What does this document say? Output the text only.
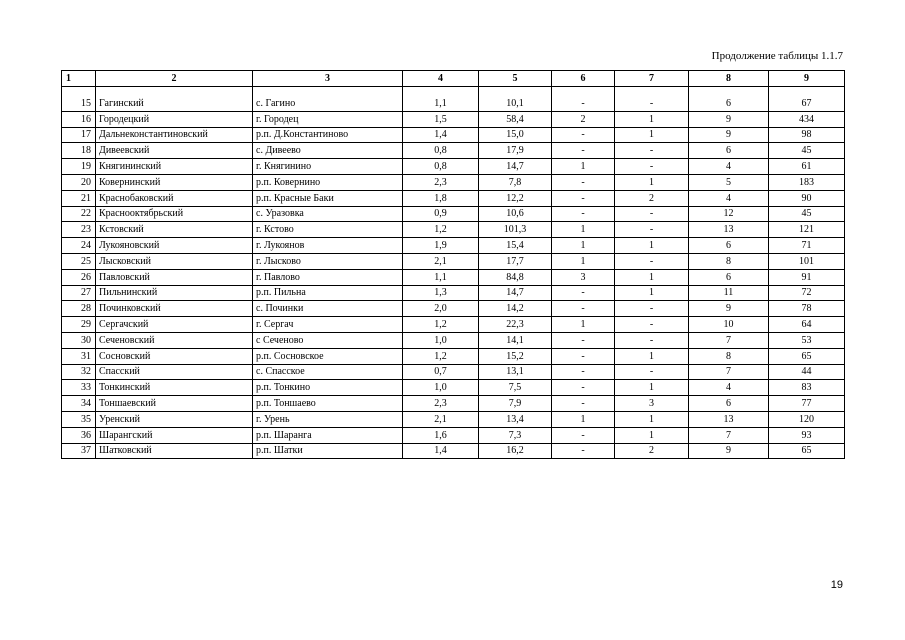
Продолжение таблицы 1.1.7
1	2	3	4	5	6	7	8	9

15	Гагинский	с. Гагино	1,1	10,1	-	-	6	67
16	Городецкий	г. Городец	1,5	58,4	2	1	9	434
17	Дальнеконстантиновский	р.п. Д.Константиново	1,4	15,0	-	1	9	98
18	Дивеевский	с. Дивеево	0,8	17,9	-	-	6	45
19	Княгининский	г. Княгинино	0,8	14,7	1	-	4	61
20	Ковернинский	р.п. Ковернино	2,3	7,8	-	1	5	183
21	Краснобаковский	р.п. Красные Баки	1,8	12,2	-	2	4	90
22	Краснооктябрьский	с. Уразовка	0,9	10,6	-	-	12	45
23	Кстовский	г. Кстово	1,2	101,3	1	-	13	121
24	Лукояновский	г. Лукоянов	1,9	15,4	1	1	6	71
25	Лысковский	г. Лысково	2,1	17,7	1	-	8	101
26	Павловский	г. Павлово	1,1	84,8	3	1	6	91
27	Пильнинский	р.п. Пильна	1,3	14,7	-	1	11	72
28	Починковский	с. Починки	2,0	14,2	-	-	9	78
29	Сергачский	г. Сергач	1,2	22,3	1	-	10	64
30	Сеченовский	с Сеченово	1,0	14,1	-	-	7	53
31	Сосновский	р.п. Сосновское	1,2	15,2	-	1	8	65
32	Спасский	с. Спасское	0,7	13,1	-	-	7	44
33	Тонкинский	р.п. Тонкино	1,0	7,5	-	1	4	83
34	Тоншаевский	р.п. Тоншаево	2,3	7,9	-	3	6	77
35	Уренский	г. Урень	2,1	13,4	1	1	13	120
36	Шарангский	р.п. Шаранга	1,6	7,3	-	1	7	93
37	Шатковский	р.п. Шатки	1,4	16,2	-	2	9	65
19
